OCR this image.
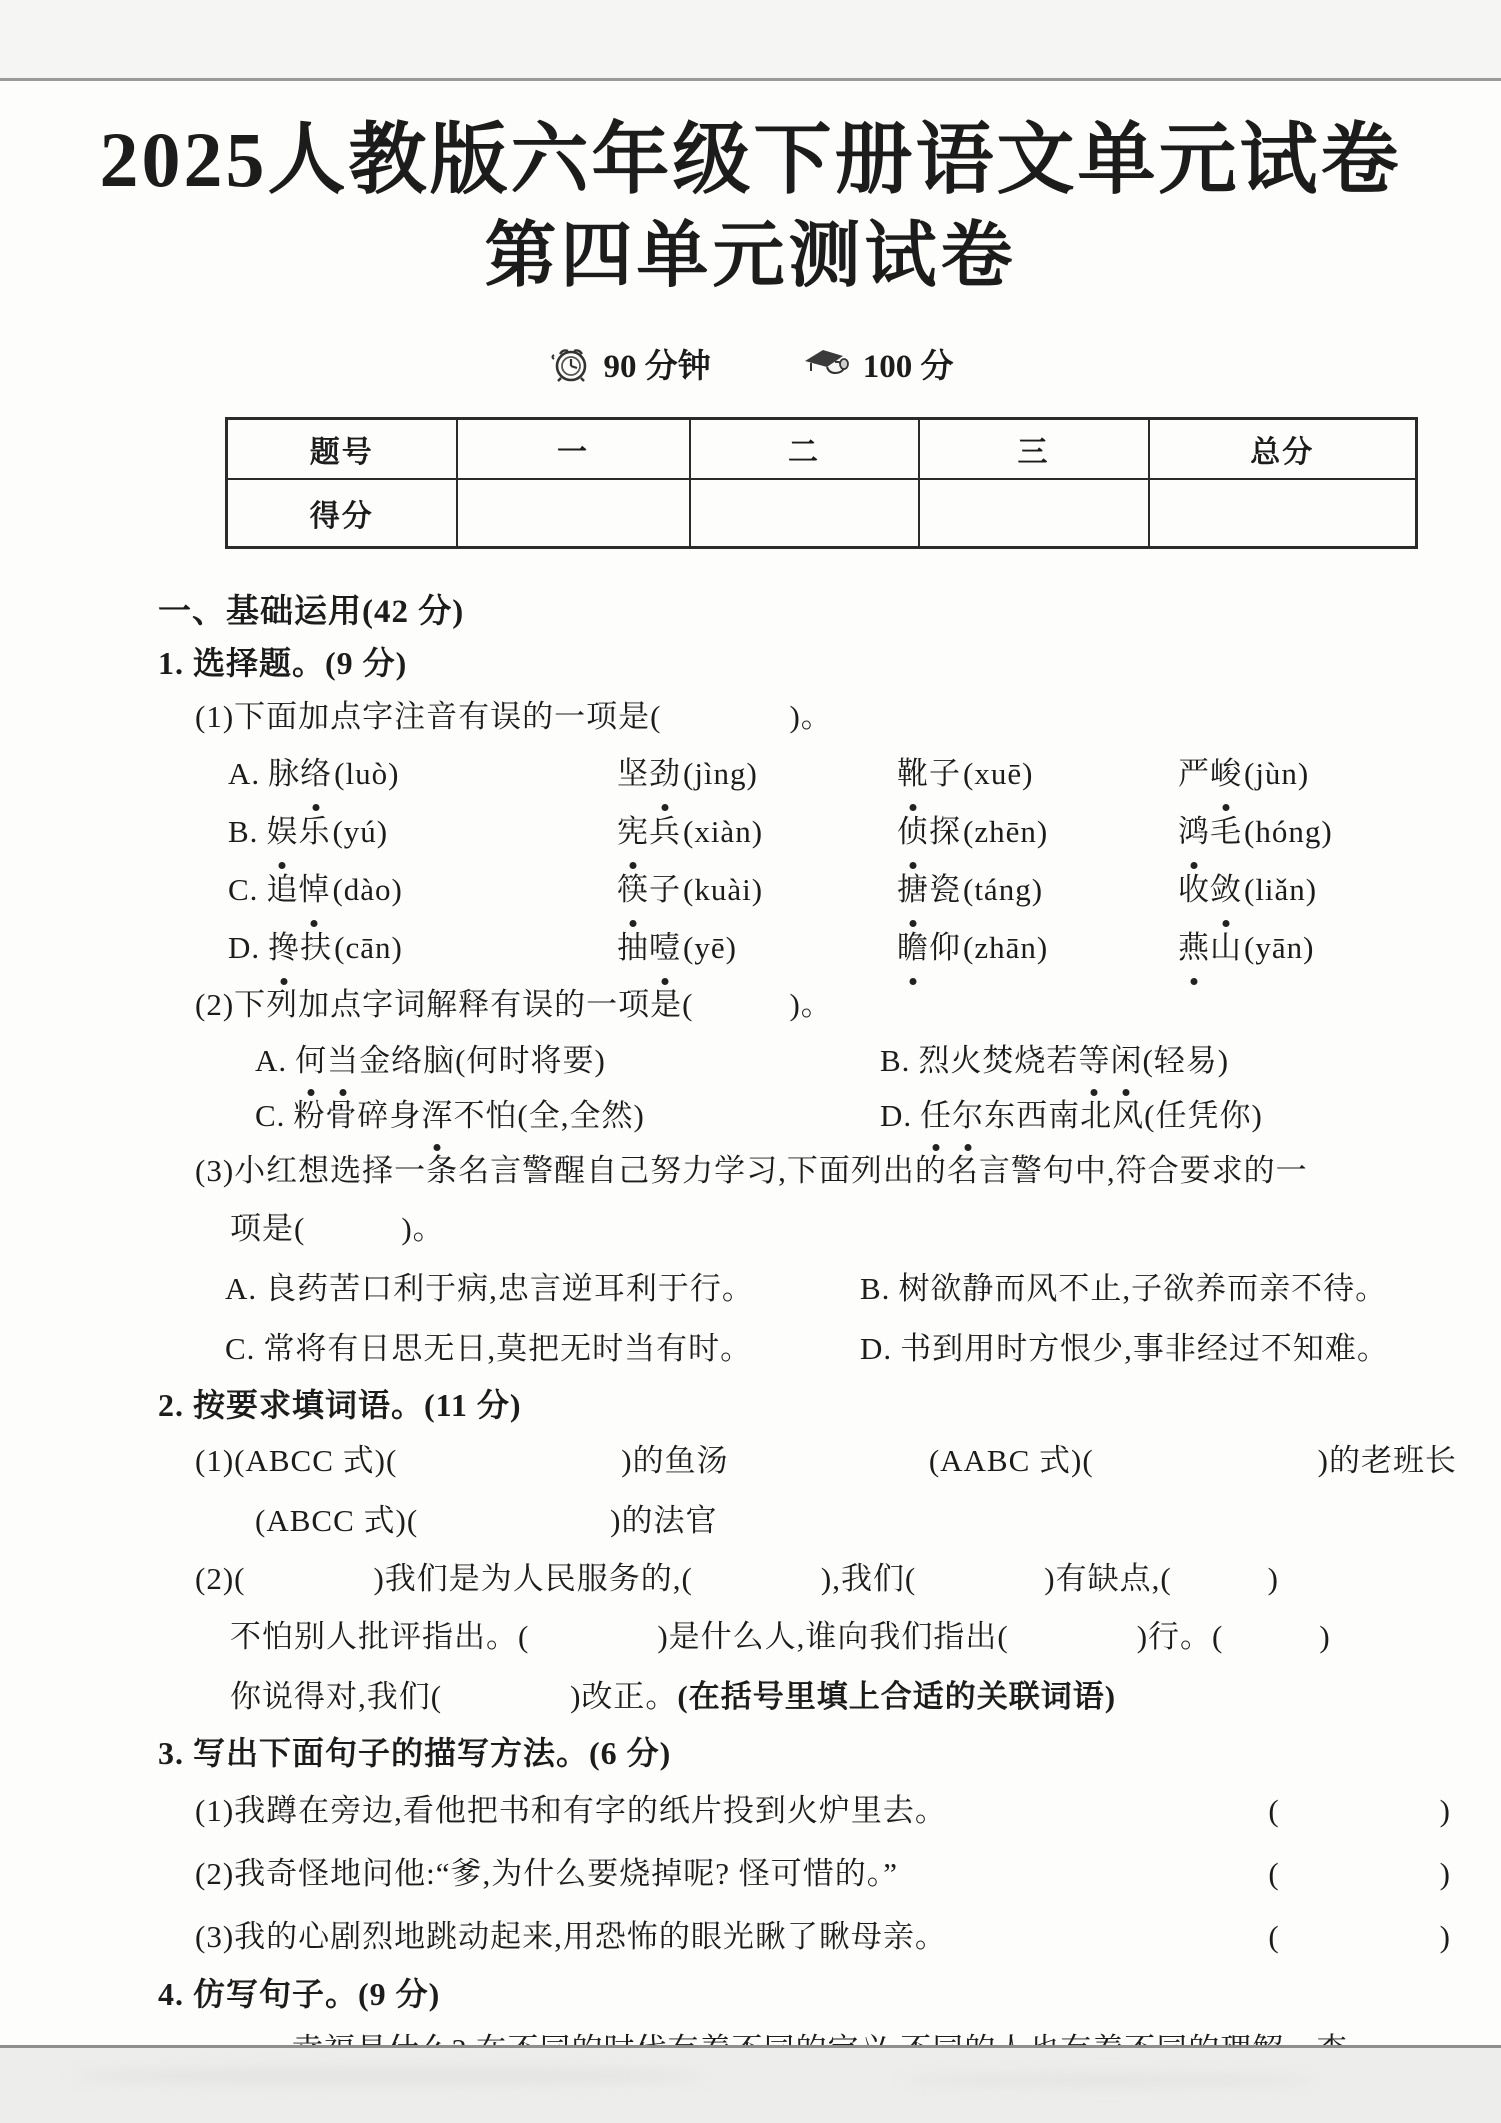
2025人教版六年级下册语文单元试卷
第四单元测试卷
90 分钟	100 分
题号	一	二	三	总分
得分				
一、基础运用(42 分)
1. 选择题。(9 分)
(1)下面加点字注音有误的一项是(　　　　)。
A. 脉络(luò)	坚劲(jìng)	靴子(xuē)	严峻(jùn)
B. 娱乐(yú)	宪兵(xiàn)	侦探(zhēn)	鸿毛(hóng)
C. 追悼(dào)	筷子(kuài)	搪瓷(táng)	收敛(liǎn)
D. 搀扶(cān)	抽噎(yē)	瞻仰(zhān)	燕山(yān)
(2)下列加点字词解释有误的一项是(　　　)。
A. 何当金络脑(何时将要)	B. 烈火焚烧若等闲(轻易)
C. 粉骨碎身浑不怕(全,全然)	D. 任尔东西南北风(任凭你)
(3)小红想选择一条名言警醒自己努力学习,下面列出的名言警句中,符合要求的一
项是(　　　)。
A. 良药苦口利于病,忠言逆耳利于行。	B. 树欲静而风不止,子欲养而亲不待。
C. 常将有日思无日,莫把无时当有时。	D. 书到用时方恨少,事非经过不知难。
2. 按要求填词语。(11 分)
(1)(ABCC 式)(　　　　　　　)的鱼汤	(AABC 式)(　　　　　　　)的老班长
(ABCC 式)(　　　　　　)的法官
(2)(　　　　)我们是为人民服务的,(　　　　),我们(　　　　)有缺点,(　　　)
不怕别人批评指出。(　　　　)是什么人,谁向我们指出(　　　　)行。(　　　)
你说得对,我们(　　　　)改正。(在括号里填上合适的关联词语)
3. 写出下面句子的描写方法。(6 分)
(1)我蹲在旁边,看他把书和有字的纸片投到火炉里去。	(　　　　　)
(2)我奇怪地问他:“爹,为什么要烧掉呢? 怪可惜的。”	(　　　　　)
(3)我的心剧烈地跳动起来,用恐怖的眼光瞅了瞅母亲。	(　　　　　)
4. 仿写句子。(9 分)
